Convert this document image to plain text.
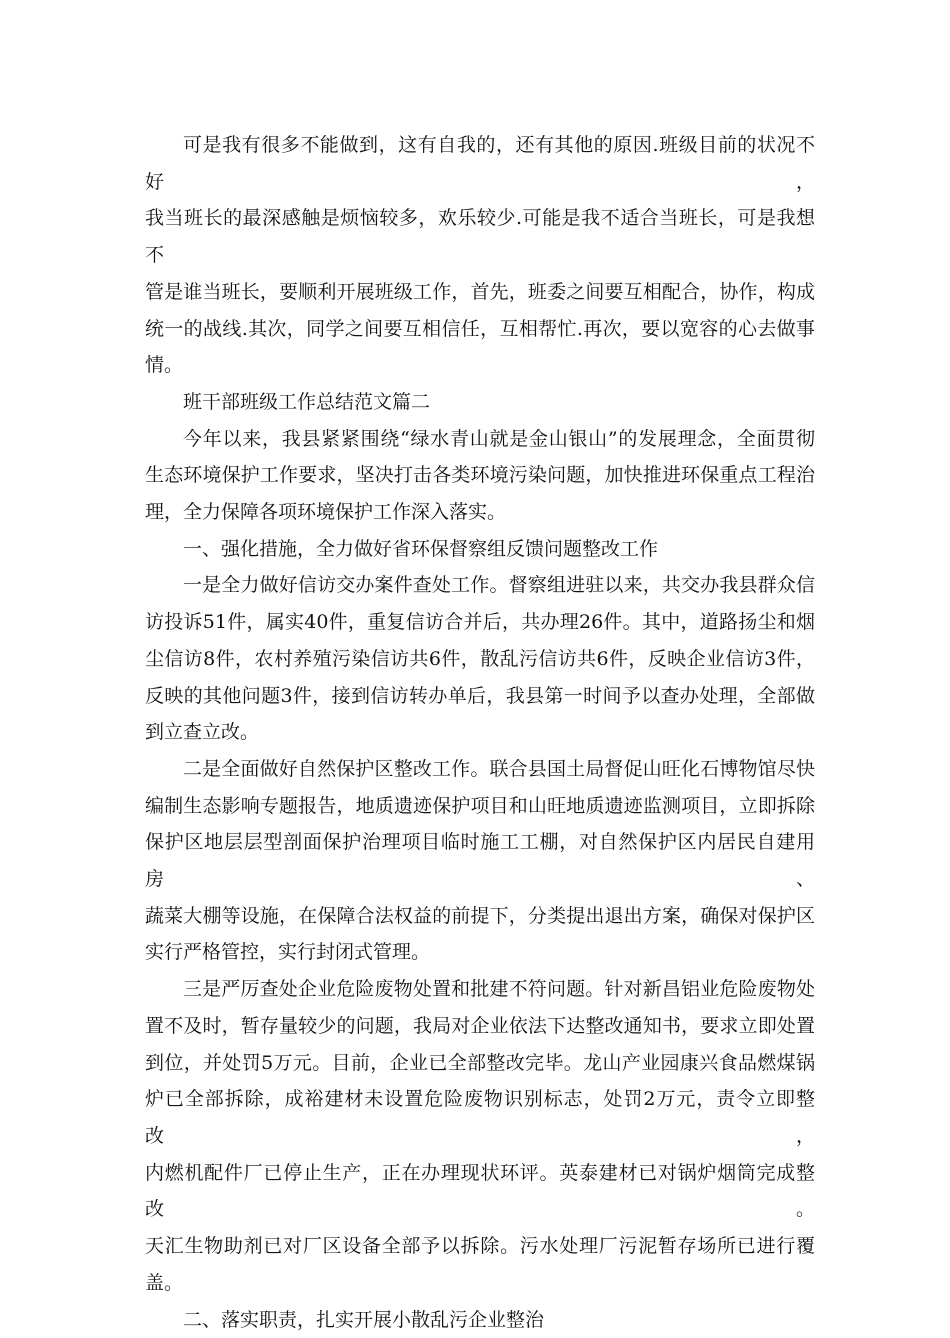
可是我有很多不能做到，这有自我的，还有其他的原因.班级目前的状况不好，
我当班长的最深感触是烦恼较多，欢乐较少.可能是我不适合当班长，可是我想不
管是谁当班长，要顺利开展班级工作，首先，班委之间要互相配合，协作，构成
统一的战线.其次，同学之间要互相信任，互相帮忙.再次，要以宽容的心去做事
情。
班干部班级工作总结范文篇二
今年以来，我县紧紧围绕“绿水青山就是金山银山”的发展理念，全面贯彻
生态环境保护工作要求，坚决打击各类环境污染问题，加快推进环保重点工程治
理，全力保障各项环境保护工作深入落实。
一、强化措施，全力做好省环保督察组反馈问题整改工作
一是全力做好信访交办案件查处工作。督察组进驻以来，共交办我县群众信
访投诉51件，属实40件，重复信访合并后，共办理26件。其中，道路扬尘和烟
尘信访8件，农村养殖污染信访共6件，散乱污信访共6件，反映企业信访3件，
反映的其他问题3件，接到信访转办单后，我县第一时间予以查办处理，全部做
到立查立改。
二是全面做好自然保护区整改工作。联合县国土局督促山旺化石博物馆尽快
编制生态影响专题报告，地质遗迹保护项目和山旺地质遗迹监测项目，立即拆除
保护区地层层型剖面保护治理项目临时施工工棚，对自然保护区内居民自建用房、
蔬菜大棚等设施，在保障合法权益的前提下，分类提出退出方案，确保对保护区
实行严格管控，实行封闭式管理。
三是严厉查处企业危险废物处置和批建不符问题。针对新昌铝业危险废物处
置不及时，暂存量较少的问题，我局对企业依法下达整改通知书，要求立即处置
到位，并处罚5万元。目前，企业已全部整改完毕。龙山产业园康兴食品燃煤锅
炉已全部拆除，成裕建材未设置危险废物识别标志，处罚2万元，责令立即整改，
内燃机配件厂已停止生产，正在办理现状环评。英泰建材已对锅炉烟筒完成整改。
天汇生物助剂已对厂区设备全部予以拆除。污水处理厂污泥暂存场所已进行覆盖。
二、落实职责，扎实开展小散乱污企业整治
